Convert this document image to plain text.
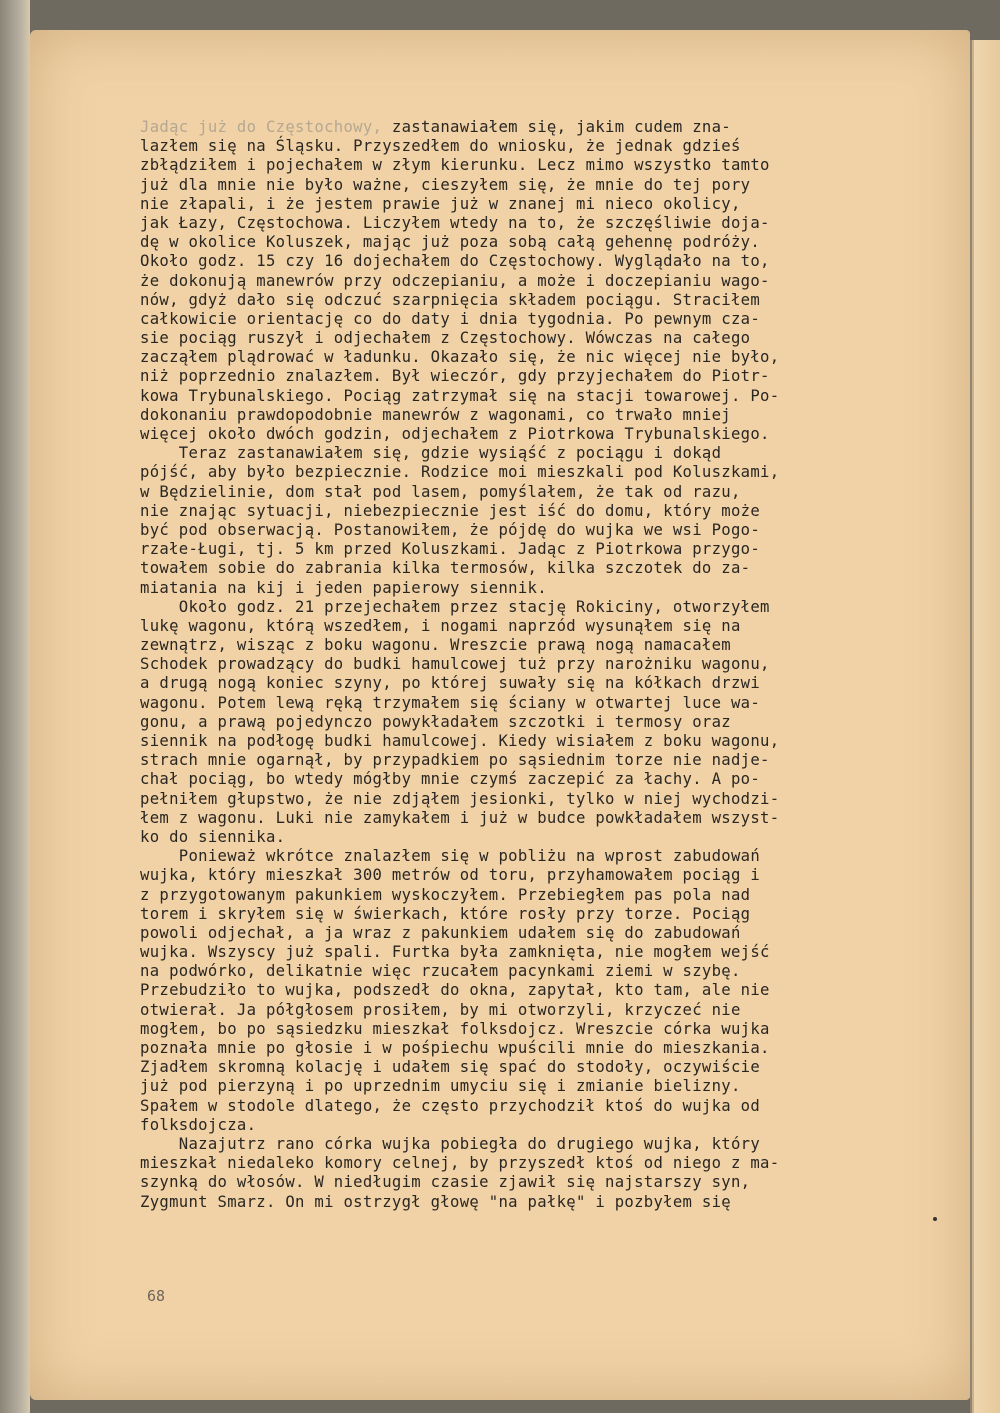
Jadąc już do Częstochowy, zastanawiałem się, jakim cudem zna-
lazłem się na Śląsku. Przyszedłem do wniosku, że jednak gdzieś
zbłądziłem i pojechałem w złym kierunku. Lecz mimo wszystko tamto
już dla mnie nie było ważne, cieszyłem się, że mnie do tej pory
nie złapali, i że jestem prawie już w znanej mi nieco okolicy,
jak Łazy, Częstochowa. Liczyłem wtedy na to, że szczęśliwie doja-
dę w okolice Koluszek, mając już poza sobą całą gehennę podróży.
Około godz. 15 czy 16 dojechałem do Częstochowy. Wyglądało na to,
że dokonują manewrów przy odczepianiu, a może i doczepianiu wago-
nów, gdyż dało się odczuć szarpnięcia składem pociągu. Straciłem
całkowicie orientację co do daty i dnia tygodnia. Po pewnym cza-
sie pociąg ruszył i odjechałem z Częstochowy. Wówczas na całego
zacząłem plądrować w ładunku. Okazało się, że nic więcej nie było,
niż poprzednio znalazłem. Był wieczór, gdy przyjechałem do Piotr-
kowa Trybunalskiego. Pociąg zatrzymał się na stacji towarowej. Po-
dokonaniu prawdopodobnie manewrów z wagonami, co trwało mniej
więcej około dwóch godzin, odjechałem z Piotrkowa Trybunalskiego.
Teraz zastanawiałem się, gdzie wysiąść z pociągu i dokąd
pójść, aby było bezpiecznie. Rodzice moi mieszkali pod Koluszkami,
w Będzielinie, dom stał pod lasem, pomyślałem, że tak od razu,
nie znając sytuacji, niebezpiecznie jest iść do domu, który może
być pod obserwacją. Postanowiłem, że pójdę do wujka we wsi Pogo-
rzałe-Ługi, tj. 5 km przed Koluszkami. Jadąc z Piotrkowa przygo-
towałem sobie do zabrania kilka termosów, kilka szczotek do za-
miatania na kij i jeden papierowy siennik.
Około godz. 21 przejechałem przez stację Rokiciny, otworzyłem
lukę wagonu, którą wszedłem, i nogami naprzód wysunąłem się na
zewnątrz, wisząc z boku wagonu. Wreszcie prawą nogą namacałem
Schodek prowadzący do budki hamulcowej tuż przy narożniku wagonu,
a drugą nogą koniec szyny, po której suwały się na kółkach drzwi
wagonu. Potem lewą ręką trzymałem się ściany w otwartej luce wa-
gonu, a prawą pojedynczo powykładałem szczotki i termosy oraz
siennik na podłogę budki hamulcowej. Kiedy wisiałem z boku wagonu,
strach mnie ogarnął, by przypadkiem po sąsiednim torze nie nadje-
chał pociąg, bo wtedy mógłby mnie czymś zaczepić za łachy. A po-
pełniłem głupstwo, że nie zdjąłem jesionki, tylko w niej wychodzi-
łem z wagonu. Luki nie zamykałem i już w budce powkładałem wszyst-
ko do siennika.
Ponieważ wkrótce znalazłem się w pobliżu na wprost zabudowań
wujka, który mieszkał 300 metrów od toru, przyhamowałem pociąg i
z przygotowanym pakunkiem wyskoczyłem. Przebiegłem pas pola nad
torem i skryłem się w świerkach, które rosły przy torze. Pociąg
powoli odjechał, a ja wraz z pakunkiem udałem się do zabudowań
wujka. Wszyscy już spali. Furtka była zamknięta, nie mogłem wejść
na podwórko, delikatnie więc rzucałem pacynkami ziemi w szybę.
Przebudziło to wujka, podszedł do okna, zapytał, kto tam, ale nie
otwierał. Ja półgłosem prosiłem, by mi otworzyli, krzyczeć nie
mogłem, bo po sąsiedzku mieszkał folksdojcz. Wreszcie córka wujka
poznała mnie po głosie i w pośpiechu wpuścili mnie do mieszkania.
Zjadłem skromną kolację i udałem się spać do stodoły, oczywiście
już pod pierzyną i po uprzednim umyciu się i zmianie bielizny.
Spałem w stodole dlatego, że często przychodził ktoś do wujka od
folksdojcza.
Nazajutrz rano córka wujka pobiegła do drugiego wujka, który
mieszkał niedaleko komory celnej, by przyszedł ktoś od niego z ma-
szynką do włosów. W niedługim czasie zjawił się najstarszy syn,
Zygmunt Smarz. On mi ostrzygł głowę "na pałkę" i pozbyłem się
68
